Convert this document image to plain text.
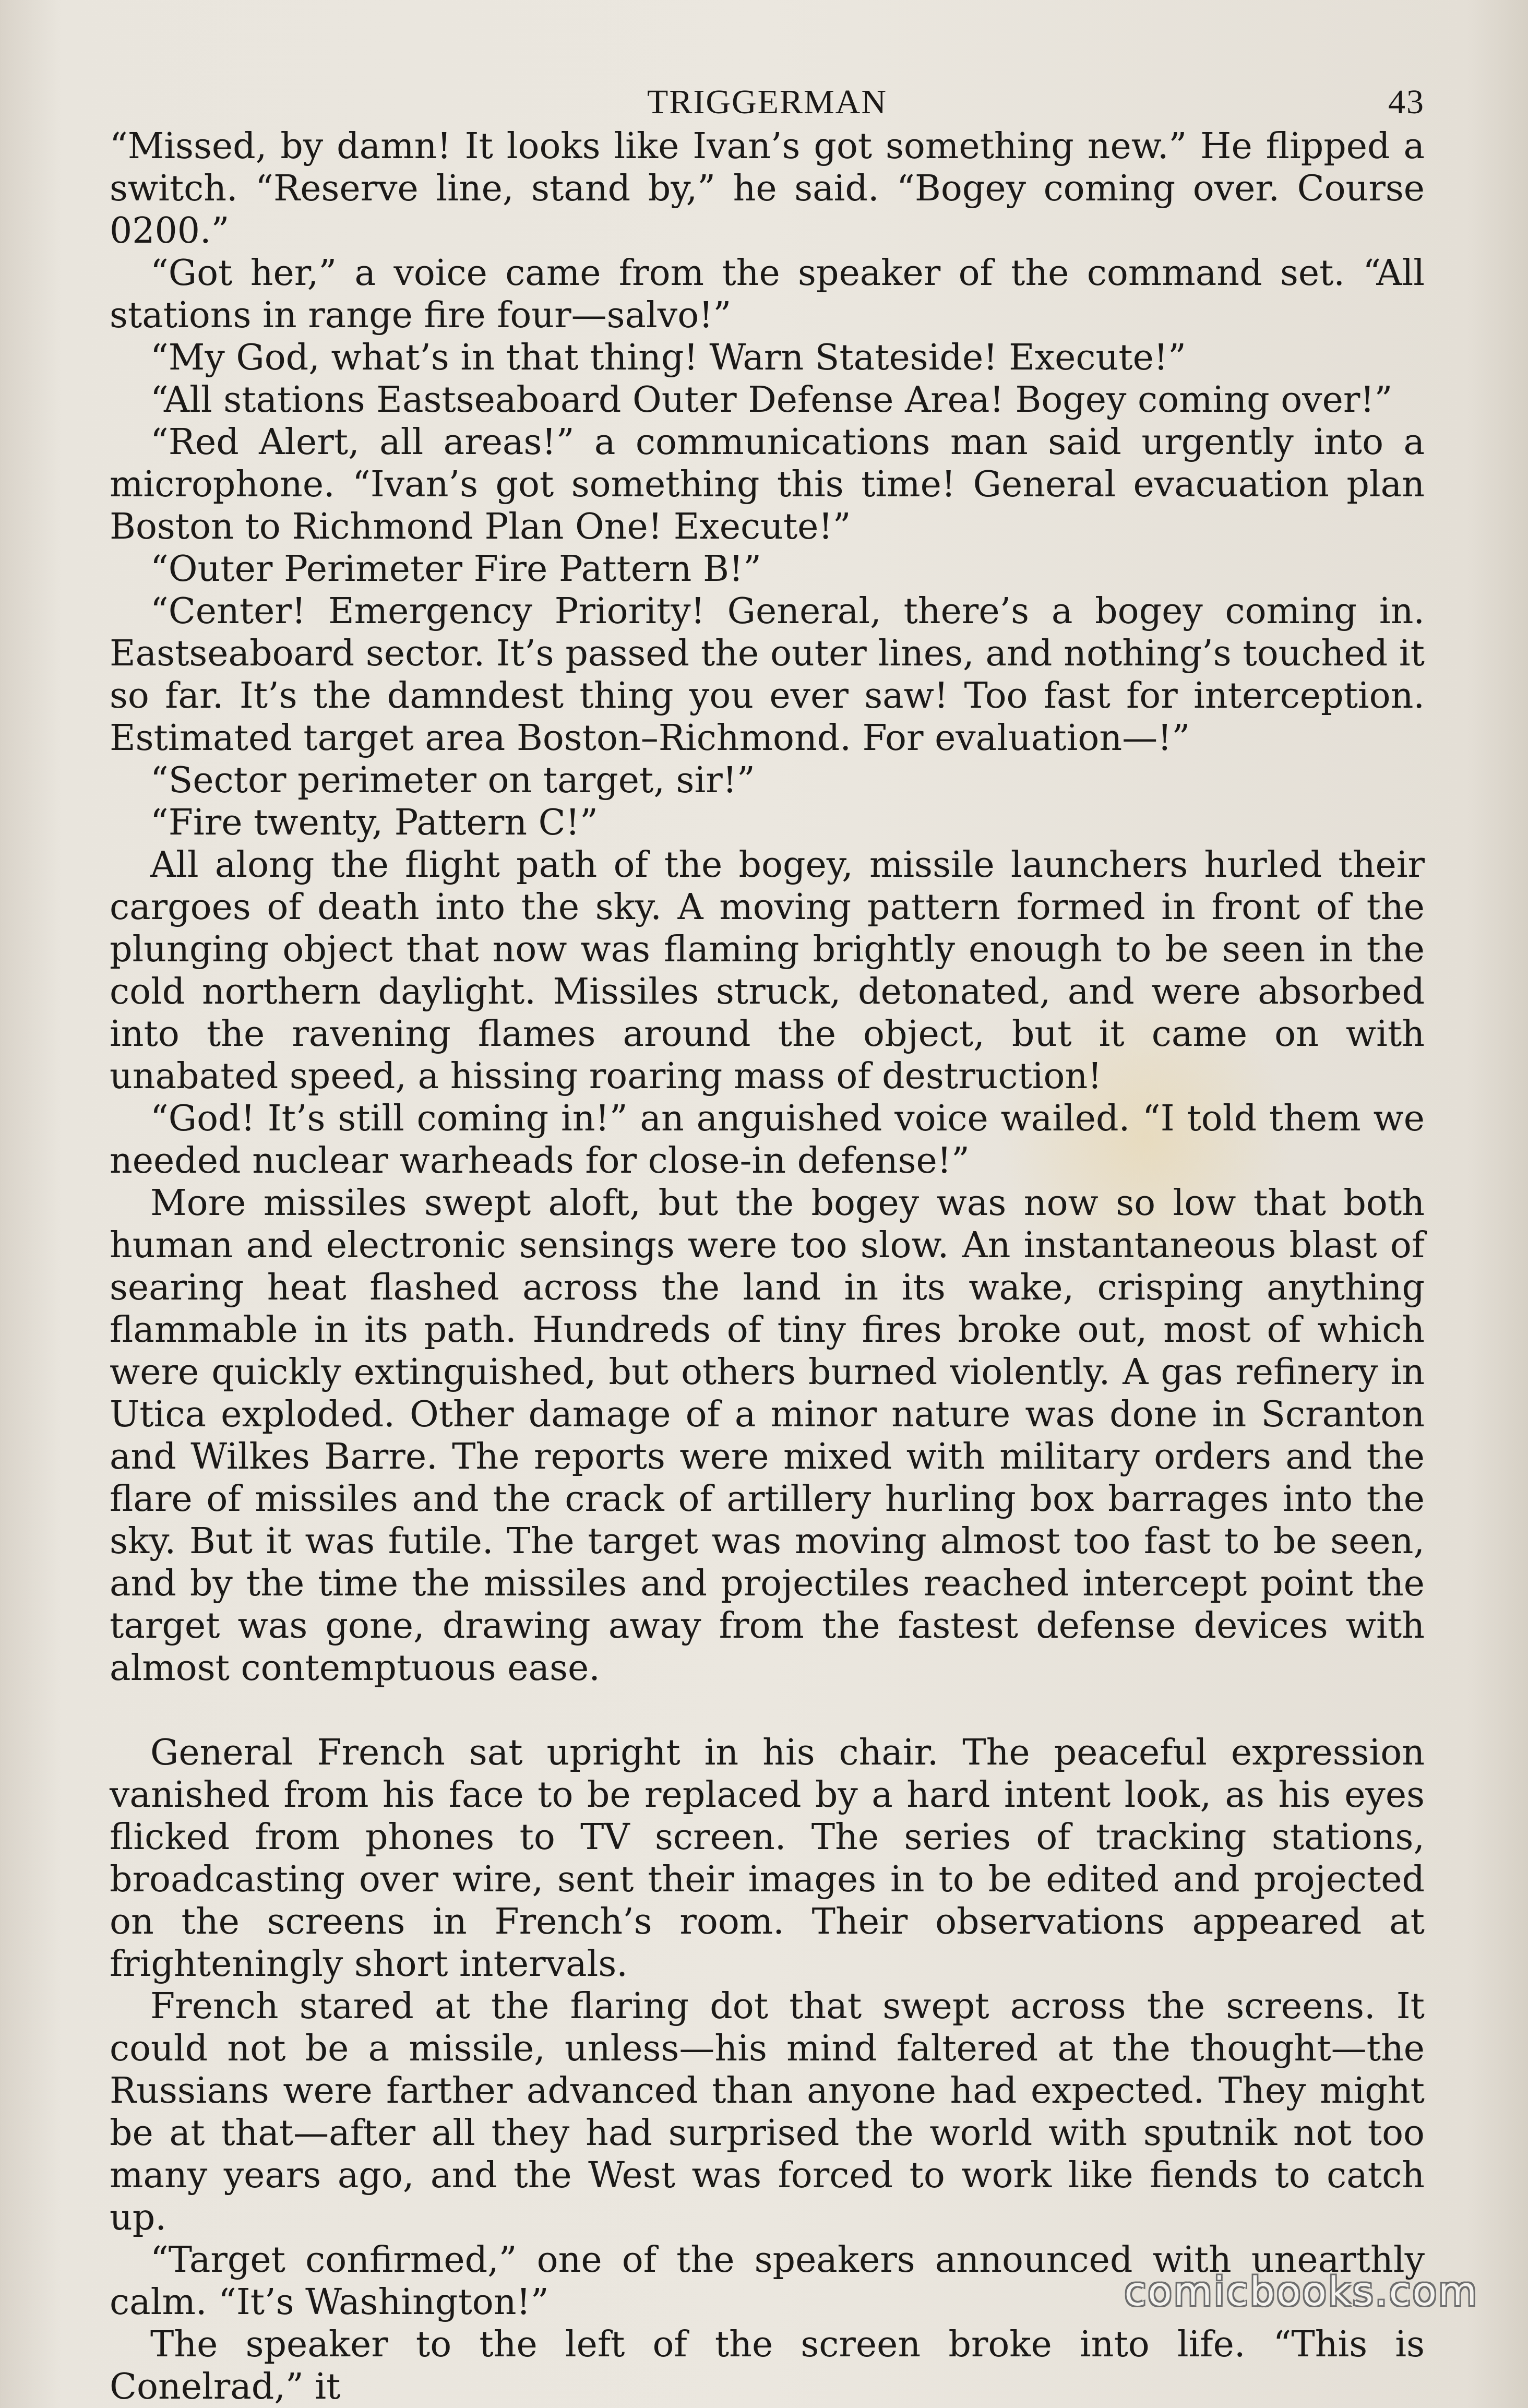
TRIGGERMAN	43

“Missed, by damn! It looks like Ivan’s got something new.” He flipped a switch. “Reserve line, stand by,” he said. “Bogey coming over. Course 0200.”

“Got her,” a voice came from the speaker of the command set. “All stations in range fire four—salvo!”

“My God, what’s in that thing! Warn Stateside! Execute!”

“All stations Eastseaboard Outer Defense Area! Bogey coming over!”

“Red Alert, all areas!” a communications man said urgently into a microphone. “Ivan’s got something this time! General evacuation plan Boston to Richmond Plan One! Execute!”

“Outer Perimeter Fire Pattern B!”

“Center! Emergency Priority! General, there’s a bogey coming in. Eastseaboard sector. It’s passed the outer lines, and nothing’s touched it so far. It’s the damndest thing you ever saw! Too fast for interception. Estimated target area Boston–Richmond. For evaluation—!”

“Sector perimeter on target, sir!”

“Fire twenty, Pattern C!”

All along the flight path of the bogey, missile launchers hurled their cargoes of death into the sky. A moving pattern formed in front of the plunging object that now was flaming brightly enough to be seen in the cold northern daylight. Missiles struck, detonated, and were absorbed into the ravening flames around the object, but it came on with unabated speed, a hissing roaring mass of destruction!

“God! It’s still coming in!” an anguished voice wailed. “I told them we needed nuclear warheads for close-in defense!”

More missiles swept aloft, but the bogey was now so low that both human and electronic sensings were too slow. An instantaneous blast of searing heat flashed across the land in its wake, crisping anything flammable in its path. Hundreds of tiny fires broke out, most of which were quickly extinguished, but others burned violently. A gas refinery in Utica exploded. Other damage of a minor nature was done in Scranton and Wilkes Barre. The reports were mixed with military orders and the flare of missiles and the crack of artillery hurling box barrages into the sky. But it was futile. The target was moving almost too fast to be seen, and by the time the missiles and projectiles reached intercept point the target was gone, drawing away from the fastest defense devices with almost contemptuous ease.

General French sat upright in his chair. The peaceful expression vanished from his face to be replaced by a hard intent look, as his eyes flicked from phones to TV screen. The series of tracking stations, broadcasting over wire, sent their images in to be edited and projected on the screens in French’s room. Their observations appeared at frighteningly short intervals.

French stared at the flaring dot that swept across the screens. It could not be a missile, unless—his mind faltered at the thought—the Russians were farther advanced than anyone had expected. They might be at that—after all they had surprised the world with sputnik not too many years ago, and the West was forced to work like fiends to catch up.

“Target confirmed,” one of the speakers announced with unearthly calm. “It’s Washington!”

The speaker to the left of the screen broke into life. “This is Conelrad,” it

comicbooks.com
